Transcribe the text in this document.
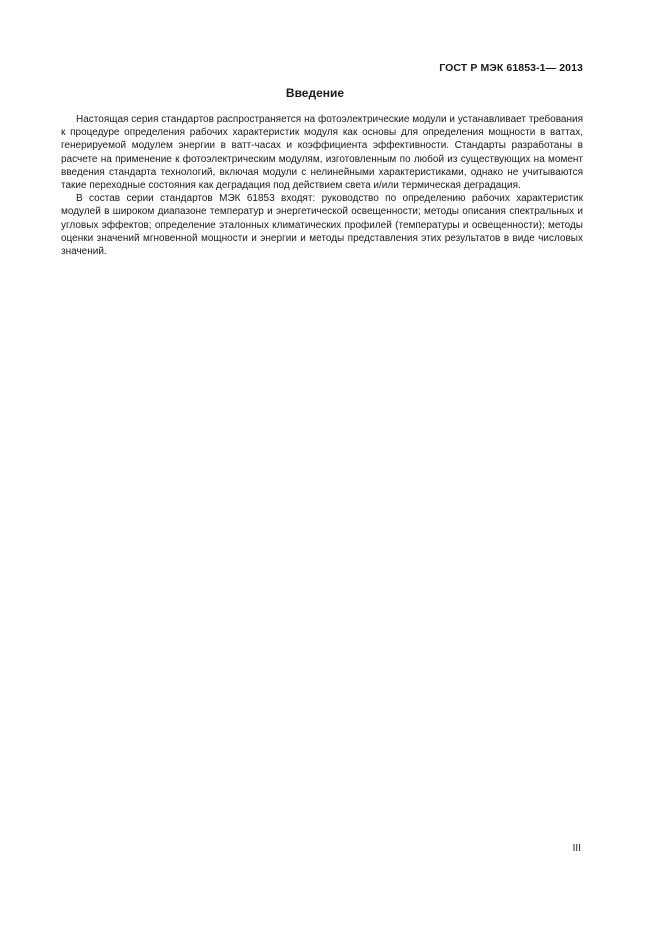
ГОСТ Р МЭК 61853-1— 2013
Введение

Настоящая серия стандартов распространяется на фотоэлектрические модули и устанавливает требования к процедуре определения рабочих характеристик модуля как основы для определения мощности в ваттах, генерируемой модулем энергии в ватт-часах и коэффициента эффективности. Стандарты разработаны в расчете на применение к фотоэлектрическим модулям, изготовленным по любой из существующих на момент введения стандарта технологий, включая модули с нелинейными характеристиками, однако не учитываются такие переходные состояния как деградация под действием света и/или термическая деградация.

В состав серии стандартов МЭК 61853 входят: руководство по определению рабочих характеристик модулей в широком диапазоне температур и энергетической освещенности; методы описания спектральных и угловых эффектов; определение эталонных климатических профилей (температуры и освещенности); методы оценки значений мгновенной мощности и энергии и методы представления этих результатов в виде числовых значений.

III
